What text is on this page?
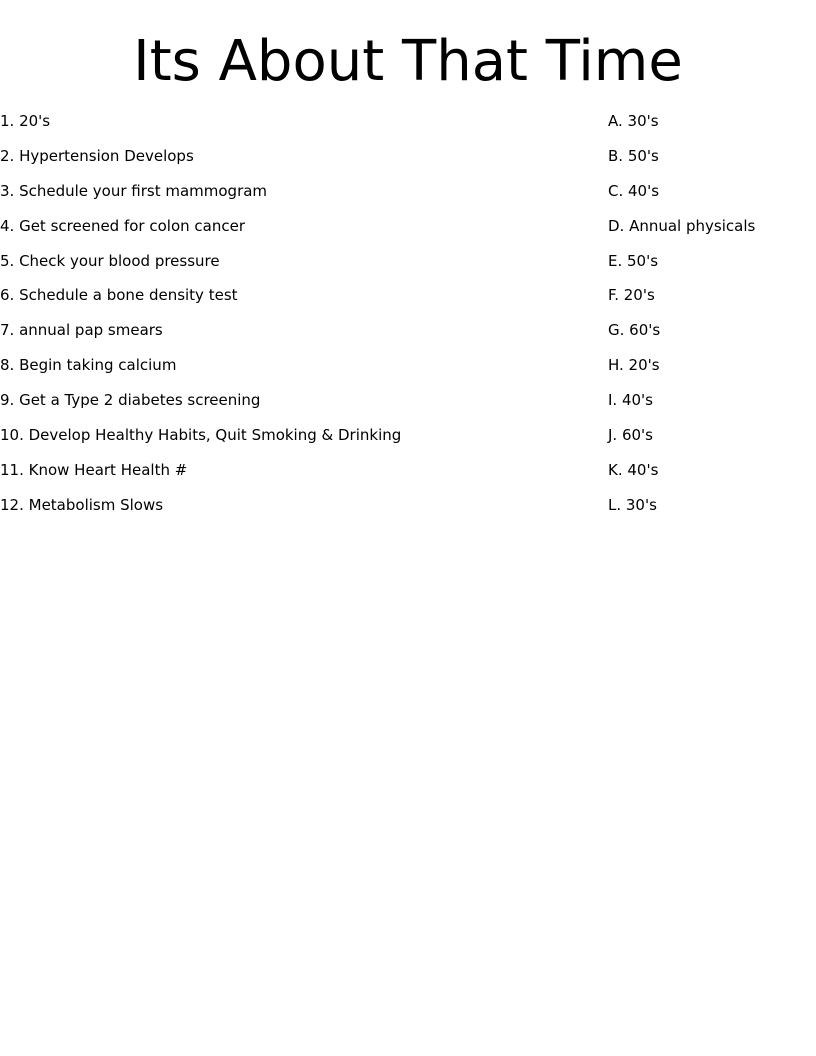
Its About That Time
1. 20's
2. Hypertension Develops
3. Schedule your first mammogram
4. Get screened for colon cancer
5. Check your blood pressure
6. Schedule a bone density test
7. annual pap smears
8. Begin taking calcium
9. Get a Type 2 diabetes screening
10. Develop Healthy Habits, Quit Smoking & Drinking
11. Know Heart Health #
12. Metabolism Slows
A. 30's
B. 50's
C. 40's
D. Annual physicals
E. 50's
F. 20's
G. 60's
H. 20's
I. 40's
J. 60's
K. 40's
L. 30's
